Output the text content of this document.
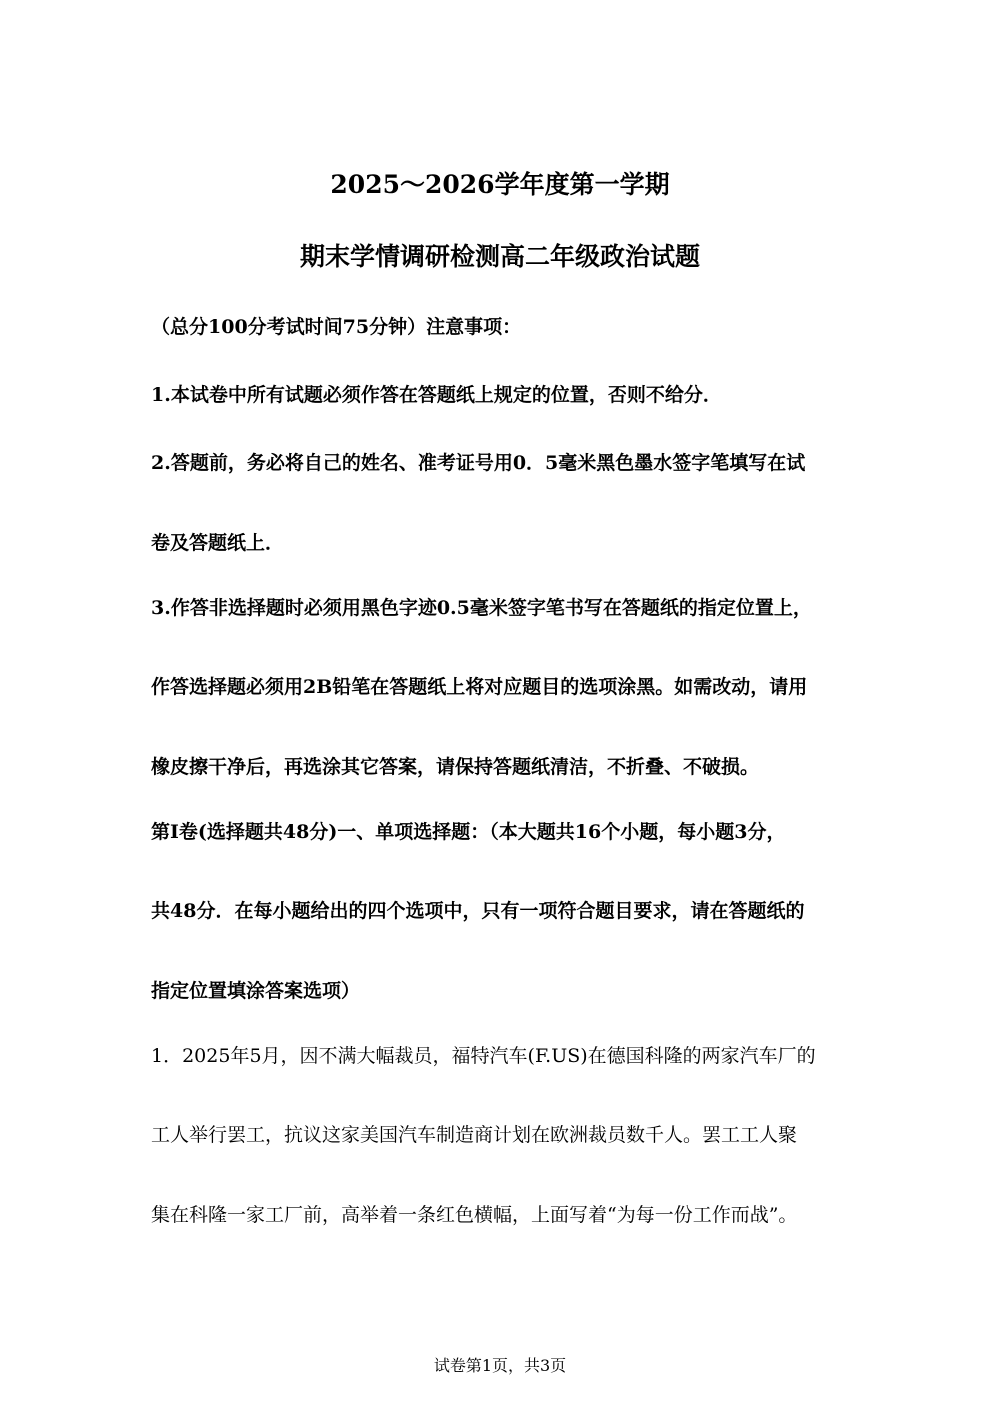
2025～2026学年度第一学期
期末学情调研检测高二年级政治试题
（总分100分考试时间75分钟）注意事项：
1.本试卷中所有试题必须作答在答题纸上规定的位置，否则不给分．
2.答题前，务必将自己的姓名、准考证号用0．5毫米黑色墨水签字笔填写在试
卷及答题纸上．
3.作答非选择题时必须用黑色字迹0.5毫米签字笔书写在答题纸的指定位置上，
作答选择题必须用2B铅笔在答题纸上将对应题目的选项涂黑。如需改动，请用
橡皮擦干净后，再选涂其它答案，请保持答题纸清洁，不折叠、不破损。
第Ⅰ卷(选择题共48分)一、单项选择题：（本大题共16个小题，每小题3分，
共48分．在每小题给出的四个选项中，只有一项符合题目要求，请在答题纸的
指定位置填涂答案选项）
1．2025年5月，因不满大幅裁员，福特汽车(F.US)在德国科隆的两家汽车厂的
工人举行罢工，抗议这家美国汽车制造商计划在欧洲裁员数千人。罢工工人聚
集在科隆一家工厂前，高举着一条红色横幅，上面写着“为每一份工作而战”。
试卷第1页，共3页
